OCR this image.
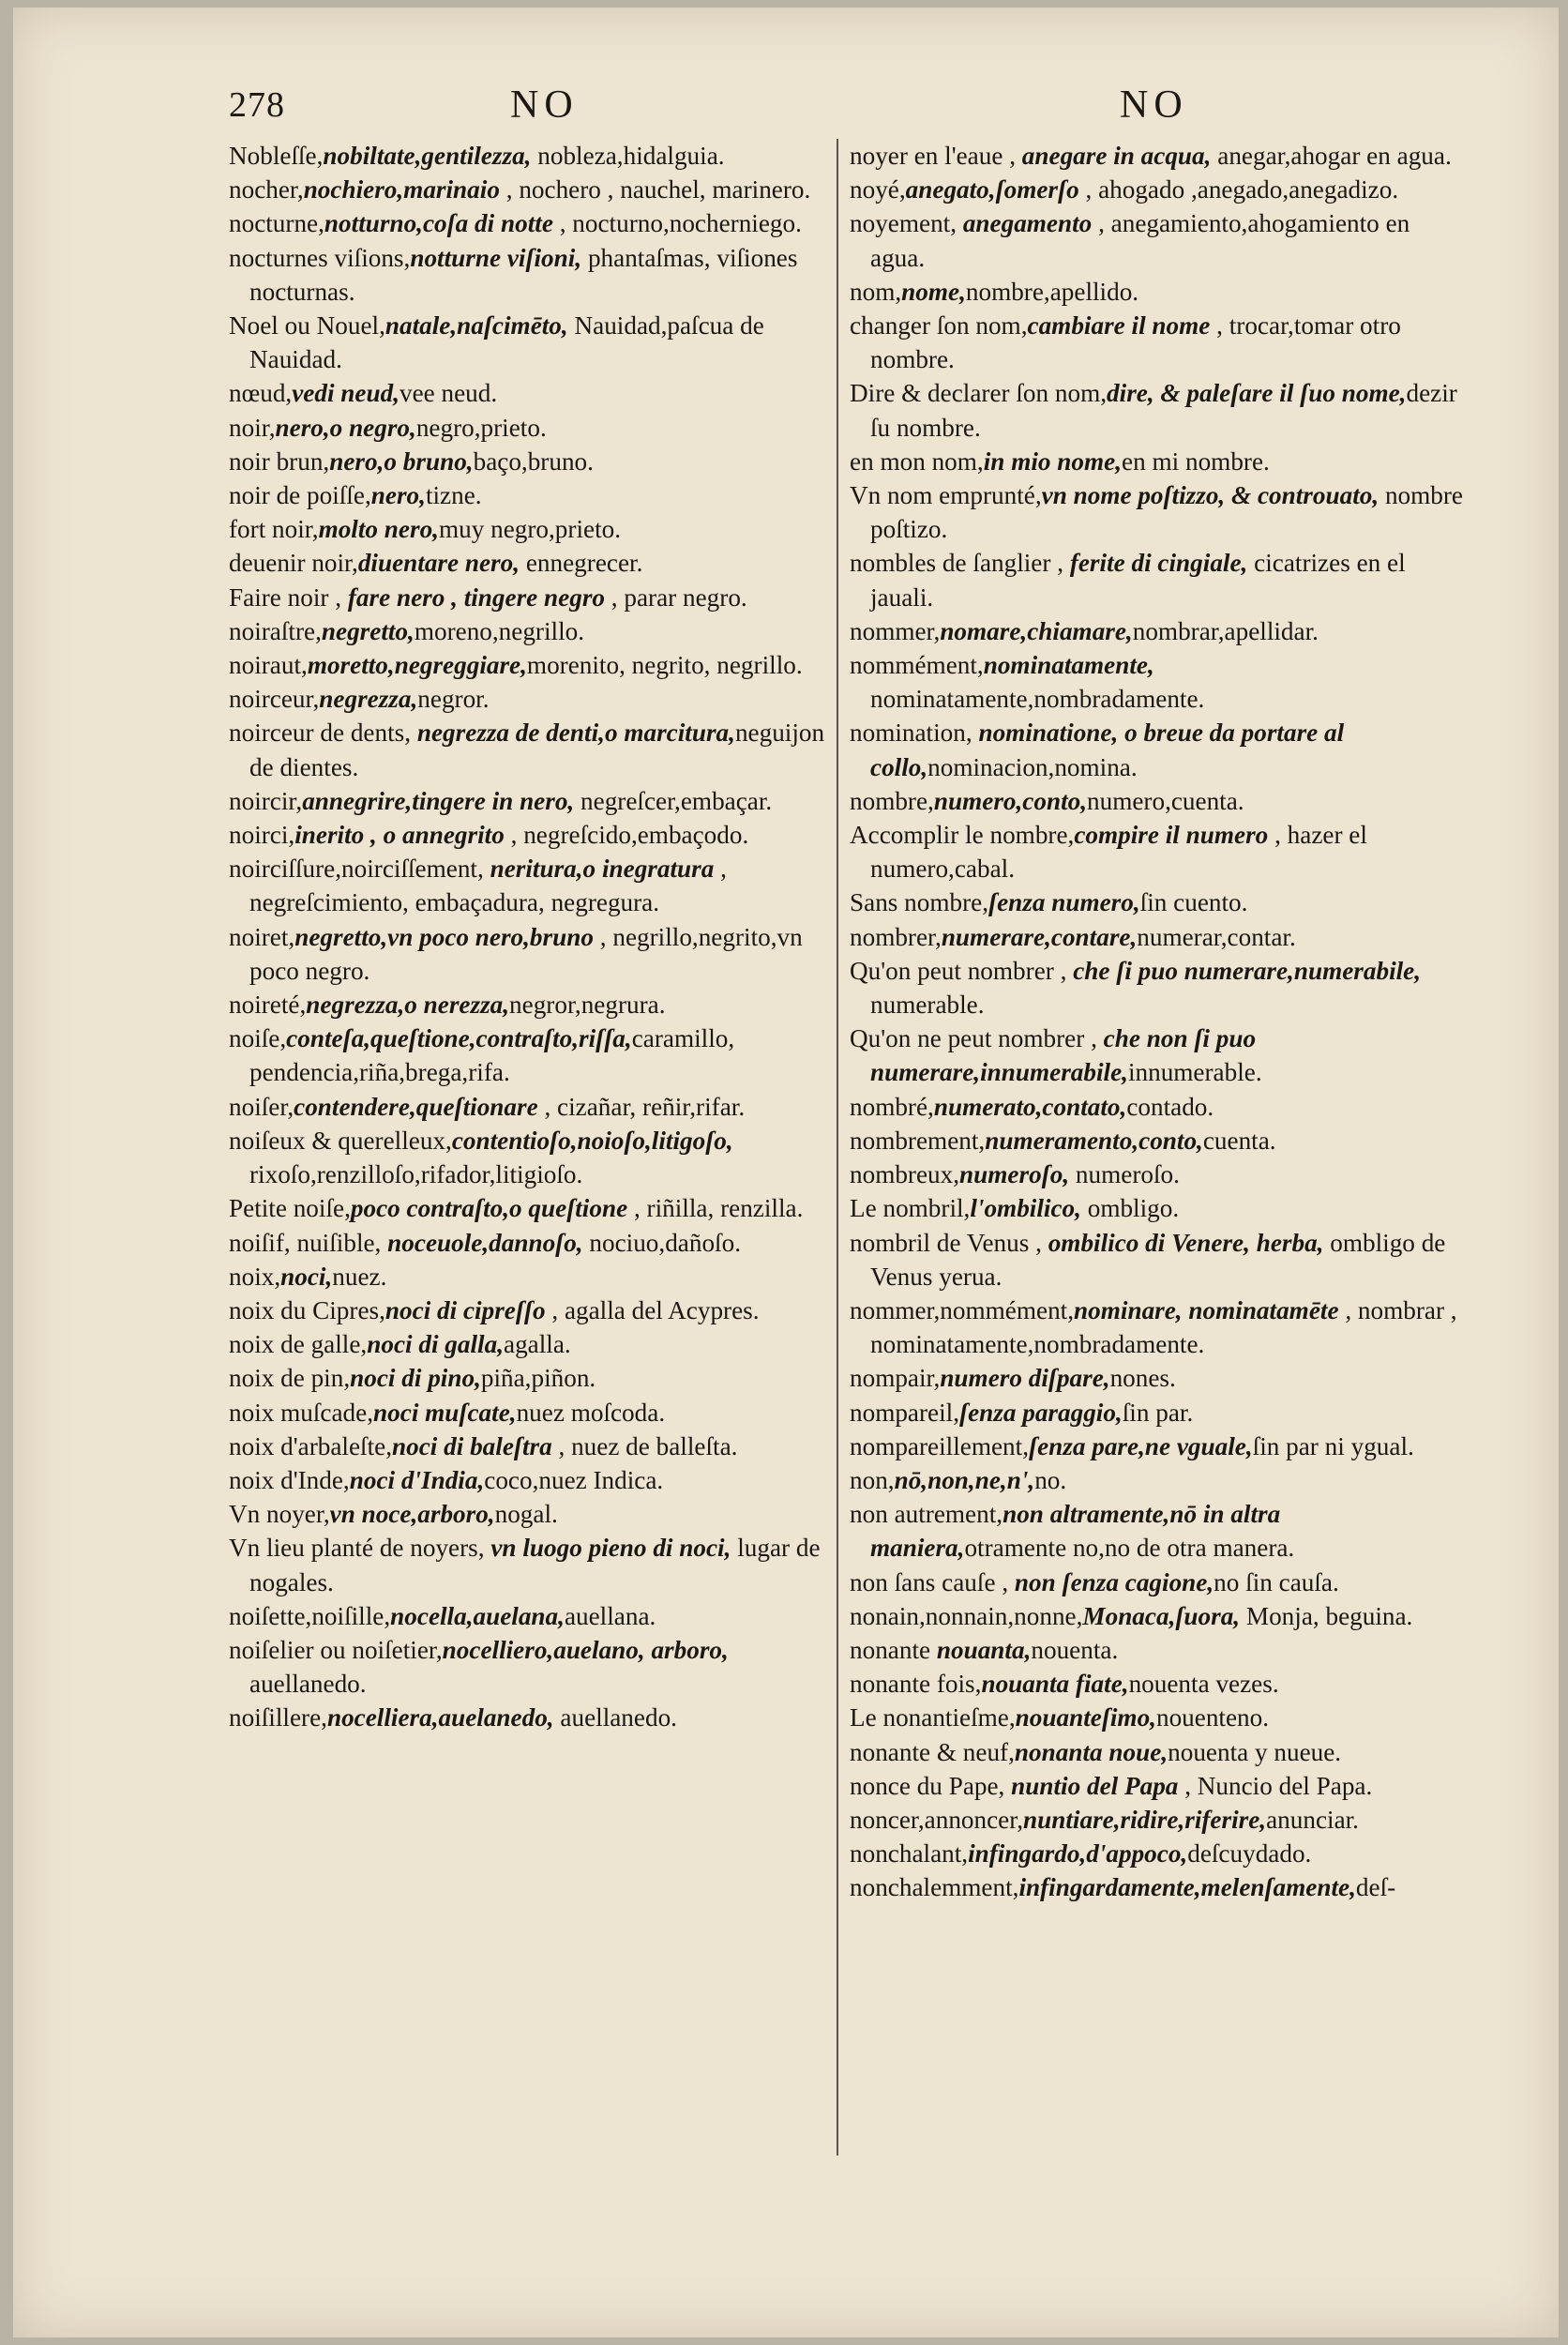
278	NO	NO

Nobleſſe,nobiltate,gentilezza, nobleza,hidalguia.

nocher,nochiero,marinaio , nochero , nauchel, marinero.

nocturne,notturno,coſa di notte , nocturno,nocherniego.

nocturnes viſions,notturne viſioni, phantaſmas, viſiones nocturnas.

Noel ou Nouel,natale,naſcimēto, Nauidad,paſcua de Nauidad.

nœud,vedi neud,vee neud.

noir,nero,o negro,negro,prieto.

noir brun,nero,o bruno,baço,bruno.

noir de poiſſe,nero,tizne.

fort noir,molto nero,muy negro,prieto.

deuenir noir,diuentare nero, ennegrecer.

Faire noir , fare nero , tingere negro , parar negro.

noiraſtre,negretto,moreno,negrillo.

noiraut,moretto,negreggiare,morenito, negrito, negrillo.

noirceur,negrezza,negror.

noirceur de dents, negrezza de denti,o marcitura,neguijon de dientes.

noircir,annegrire,tingere in nero, negreſcer,embaçar.

noirci,inerito , o annegrito , negreſcido,embaçodo.

noirciſſure,noirciſſement, neritura,o inegratura , negreſcimiento, embaçadura, negregura.

noiret,negretto,vn poco nero,bruno , negrillo,negrito,vn poco negro.

noireté,negrezza,o nerezza,negror,negrura.

noiſe,conteſa,queſtione,contraſto,riſſa,caramillo, pendencia,riña,brega,rifa.

noiſer,contendere,queſtionare , cizañar, reñir,rifar.

noiſeux & querelleux,contentioſo,noioſo,litigoſo, rixoſo,renzilloſo,rifador,litigioſo.

Petite noiſe,poco contraſto,o queſtione , riñilla, renzilla.

noiſif, nuiſible, noceuole,dannoſo, nociuo,dañoſo.

noix,noci,nuez.

noix du Cipres,noci di cipreſſo , agalla del Acypres.

noix de galle,noci di galla,agalla.

noix de pin,noci di pino,piña,piñon.

noix muſcade,noci muſcate,nuez moſcoda.

noix d'arbaleſte,noci di baleſtra , nuez de balleſta.

noix d'Inde,noci d'India,coco,nuez Indica.

Vn noyer,vn noce,arboro,nogal.

Vn lieu planté de noyers, vn luogo pieno di noci, lugar de nogales.

noiſette,noiſille,nocella,auelana,auellana.

noiſelier ou noiſetier,nocelliero,auelano, arboro, auellanedo.

noiſillere,nocelliera,auelanedo, auellanedo.

noyer en l'eaue , anegare in acqua, anegar,ahogar en agua.

noyé,anegato,ſomerſo , ahogado ,anegado,anegadizo.

noyement, anegamento , anegamiento,ahogamiento en agua.

nom,nome,nombre,apellido.

changer ſon nom,cambiare il nome , trocar,tomar otro nombre.

Dire & declarer ſon nom,dire, & paleſare il ſuo nome,dezir ſu nombre.

en mon nom,in mio nome,en mi nombre.

Vn nom emprunté,vn nome poſtizzo, & controuato, nombre poſtizo.

nombles de ſanglier , ferite di cingiale, cicatrizes en el jauali.

nommer,nomare,chiamare,nombrar,apellidar.

nommément,nominatamente, nominatamente,nombradamente.

nomination, nominatione, o breue da portare al collo,nominacion,nomina.

nombre,numero,conto,numero,cuenta.

Accomplir le nombre,compire il numero , hazer el numero,cabal.

Sans nombre,ſenza numero,ſin cuento.

nombrer,numerare,contare,numerar,contar.

Qu'on peut nombrer , che ſi puo numerare,numerabile, numerable.

Qu'on ne peut nombrer , che non ſi puo numerare,innumerabile,innumerable.

nombré,numerato,contato,contado.

nombrement,numeramento,conto,cuenta.

nombreux,numeroſo, numeroſo.

Le nombril,l'ombilico, ombligo.

nombril de Venus , ombilico di Venere, herba, ombligo de Venus yerua.

nommer,nommément,nominare, nominatamēte , nombrar , nominatamente,nombradamente.

nompair,numero diſpare,nones.

nompareil,ſenza paraggio,ſin par.

nompareillement,ſenza pare,ne vguale,ſin par ni ygual.

non,nō,non,ne,n',no.

non autrement,non altramente,nō in altra maniera,otramente no,no de otra manera.

non ſans cauſe , non ſenza cagione,no ſin cauſa.

nonain,nonnain,nonne,Monaca,ſuora, Monja, beguina.

nonante nouanta,nouenta.

nonante fois,nouanta fiate,nouenta vezes.

Le nonantieſme,nouanteſimo,nouenteno.

nonante & neuf,nonanta noue,nouenta y nueue.

nonce du Pape, nuntio del Papa , Nuncio del Papa.

noncer,annoncer,nuntiare,ridire,riferire,anunciar.

nonchalant,infingardo,d'appoco,deſcuydado.

nonchalemment,infingardamente,melenſamente,deſ-
